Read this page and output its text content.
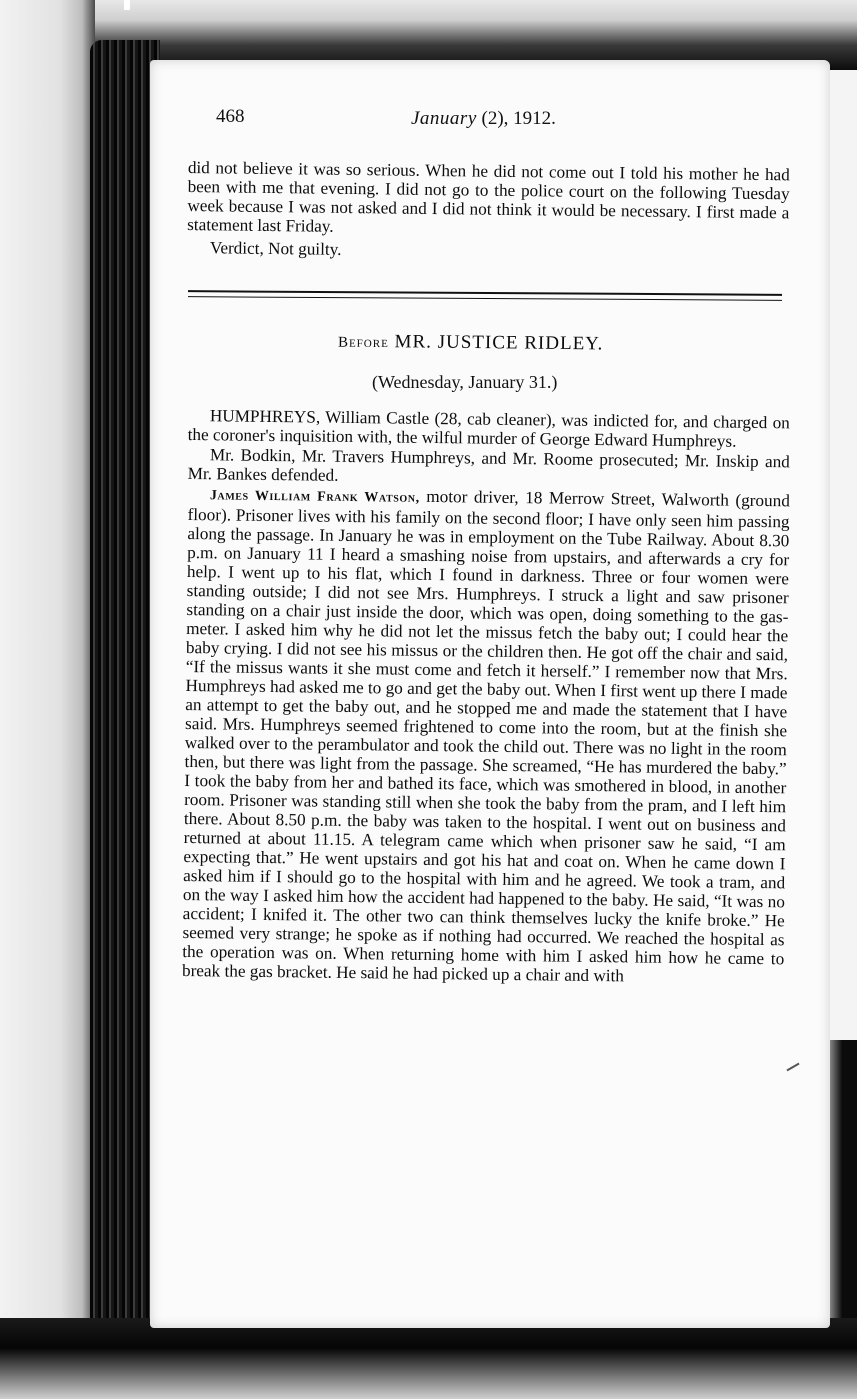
468	January (2), 1912.

did not believe it was so serious. When he did not come out I told his mother he had been with me that evening. I did not go to the police court on the following Tuesday week because I was not asked and I did not think it would be necessary. I first made a statement last Friday.

Verdict, Not guilty.

Before MR. JUSTICE RIDLEY.
(Wednesday, January 31.)

HUMPHREYS, William Castle (28, cab cleaner), was indicted for, and charged on the coroner's inquisition with, the wilful murder of George Edward Humphreys.

Mr. Bodkin, Mr. Travers Humphreys, and Mr. Roome prosecuted; Mr. Inskip and Mr. Bankes defended.

James William Frank Watson, motor driver, 18 Merrow Street, Walworth (ground floor). Prisoner lives with his family on the second floor; I have only seen him passing along the passage. In January he was in employment on the Tube Railway. About 8.30 p.m. on January 11 I heard a smashing noise from upstairs, and afterwards a cry for help. I went up to his flat, which I found in darkness. Three or four women were standing outside; I did not see Mrs. Humphreys. I struck a light and saw prisoner standing on a chair just inside the door, which was open, doing something to the gas-meter. I asked him why he did not let the missus fetch the baby out; I could hear the baby crying. I did not see his missus or the children then. He got off the chair and said, “If the missus wants it she must come and fetch it herself.” I remember now that Mrs. Humphreys had asked me to go and get the baby out. When I first went up there I made an attempt to get the baby out, and he stopped me and made the statement that I have said. Mrs. Humphreys seemed frightened to come into the room, but at the finish she walked over to the perambulator and took the child out. There was no light in the room then, but there was light from the passage. She screamed, “He has murdered the baby.” I took the baby from her and bathed its face, which was smothered in blood, in another room. Prisoner was standing still when she took the baby from the pram, and I left him there. About 8.50 p.m. the baby was taken to the hospital. I went out on business and returned at about 11.15. A telegram came which when prisoner saw he said, “I am expecting that.” He went upstairs and got his hat and coat on. When he came down I asked him if I should go to the hospital with him and he agreed. We took a tram, and on the way I asked him how the accident had happened to the baby. He said, “It was no accident; I knifed it. The other two can think themselves lucky the knife broke.” He seemed very strange; he spoke as if nothing had occurred. We reached the hospital as the operation was on. When returning home with him I asked him how he came to break the gas bracket. He said he had picked up a chair and with
